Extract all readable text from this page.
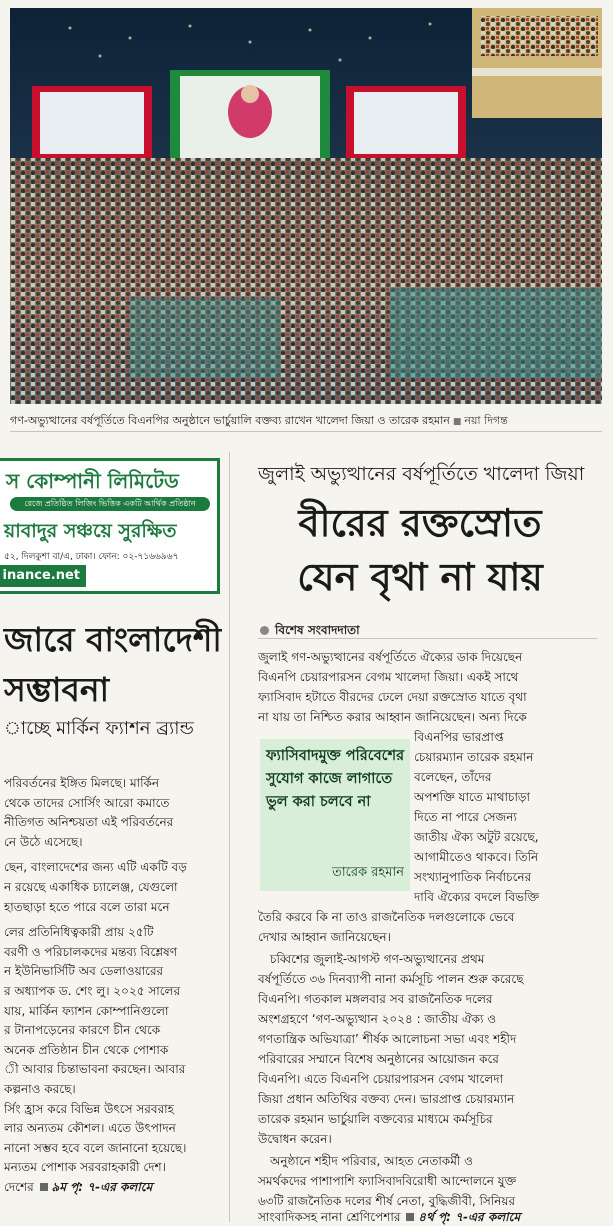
গণ-অভ্যুত্থানের বর্ষপূর্তিতে বিএনপির অনুষ্ঠানে ভার্চুয়ালি বক্তব্য রাখেন খালেদা জিয়া ও তারেক রহমান ■ নয়া দিগন্ত
স কোম্পানী লিমিটেড
রেজে প্রতিষ্ঠিত লিজিং ভিত্তিক একটি আর্থিক প্রতিষ্ঠান
য়াবাদুর সঞ্চয়ে সুরক্ষিত
৫২, দিলকুশা বা/এ, ঢাকা। ফোন: ০২-৭১৬৬৯৬৭
inance.net
জারে বাংলাদেশী
সম্ভাবনা
াচ্ছে মার্কিন ফ্যাশন ব্র্যান্ড

পরিবর্তনের ইঙ্গিত মিলছে। মার্কিন

থেকে তাদের সোর্সিং আরো কমাতে

নীতিগত অনিশ্চয়তা এই পরিবর্তনের

নে উঠে এসেছে।

ছেন, বাংলাদেশের জন্য এটি একটি বড়

ন রয়েছে একাধিক চ্যালেঞ্জ, যেগুলো

হাতছাড়া হতে পারে বলে তারা মনে

লের প্রতিনিধিত্বকারী প্রায় ২৫টি

বরণী ও পরিচালকদের মন্তব্য বিশ্লেষণ

ন ইউনিভার্সিটি অব ডেলাওয়ারের

র অধ্যাপক ড. শেং লু। ২০২৫ সালের

যায়, মার্কিন ফ্যাশন কোম্পানিগুলো

র টানাপড়েনের কারণে চীন থেকে

অনেক প্রতিষ্ঠান চীন থেকে পোশাক

ী আবার চিন্তাভাবনা করছেন। আবার

কল্পনাও করছে।

র্সিং হ্রাস করে বিভিন্ন উৎসে সরবরাহ

লার অন্যতম কৌশল। এতে উৎপাদন

নানো সম্ভব হবে বলে জানানো হয়েছে।

মন্যতম পোশাক সরবরাহকারী দেশ।

দেশের ৯ম পৃ: ৭-এর কলামে

জুলাই অভ্যুত্থানের বর্ষপূর্তিতে খালেদা জিয়া
বীরের রক্তস্রোত
যেন বৃথা না যায়
বিশেষ সংবাদদাতা
জুলাই গণ-অভ্যুত্থানের বর্ষপূর্তিতে ঐক্যের ডাক দিয়েছেন
বিএনপি চেয়ারপারসন বেগম খালেদা জিয়া। একই সাথে
ফ্যাসিবাদ হটাতে বীরদের ঢেলে দেয়া রক্তস্রোত যাতে বৃথা
না যায় তা নিশ্চিত করার আহ্বান জানিয়েছেন। অন্য দিকে
বিএনপির ভারপ্রাপ্ত
চেয়ারম্যান তারেক রহমান
বলেছেন, তাঁদের
অপশক্তি যাতে মাথাচাড়া
দিতে না পারে সেজন্য
জাতীয় ঐক্য অটুট রয়েছে,
আগামীতেও থাকবে। তিনি
সংখ্যানুপাতিক নির্বাচনের
দাবি ঐক্যের বদলে বিভক্তি
ফ্যাসিবাদমুক্ত পরিবেশের সুযোগ কাজে লাগাতে ভুল করা চলবে না
তারেক রহমান
তৈরি করবে কি না তাও রাজনৈতিক দলগুলোকে ভেবে
দেখার আহ্বান জানিয়েছেন।
চব্বিশের জুলাই-আগস্ট গণ-অভ্যুত্থানের প্রথম
বর্ষপূর্তিতে ৩৬ দিনব্যাপী নানা কর্মসূচি পালন শুরু করেছে
বিএনপি। গতকাল মঙ্গলবার সব রাজনৈতিক দলের
অংশগ্রহণে ‘গণ-অভ্যুত্থান ২০২৪ : জাতীয় ঐক্য ও
গণতান্ত্রিক অভিযাত্রা’ শীর্ষক আলোচনা সভা এবং শহীদ
পরিবারের সম্মানে বিশেষ অনুষ্ঠানের আয়োজন করে
বিএনপি। এতে বিএনপি চেয়ারপারসন বেগম খালেদা
জিয়া প্রধান অতিথির বক্তব্য দেন। ভারপ্রাপ্ত চেয়ারম্যান
তারেক রহমান ভার্চুয়ালি বক্তব্যের মাধ্যমে কর্মসূচির
উদ্বোধন করেন।
অনুষ্ঠানে শহীদ পরিবার, আহত নেতাকর্মী ও
সমর্থকদের পাশাপাশি ফ্যাসিবাদবিরোধী আন্দোলনে যুক্ত
৬৩টি রাজনৈতিক দলের শীর্ষ নেতা, বুদ্ধিজীবী, সিনিয়র
সাংবাদিকসহ নানা শ্রেণিপেশার ৪র্থ পৃ: ৭-এর কলামে
